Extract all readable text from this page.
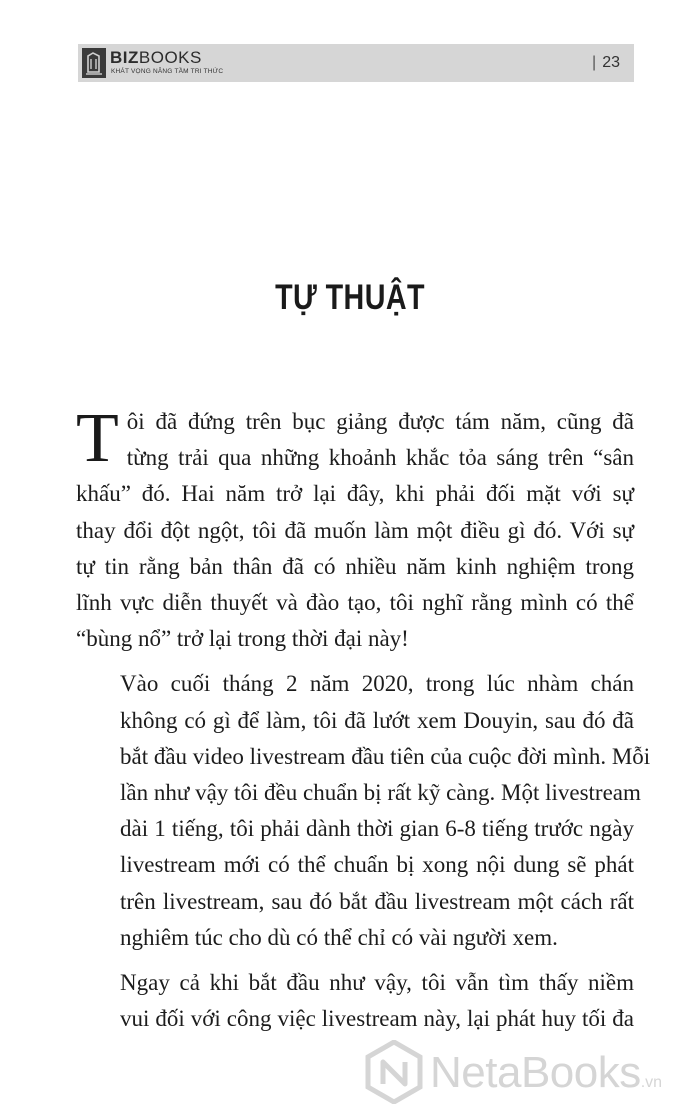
BIZBOOKS
KHÁT VỌNG NÂNG TẦM TRI THỨC
| 23
TỰ THUẬT

T ôi đã đứng trên bục giảng được tám năm, cũng đã
từng trải qua những khoảnh khắc tỏa sáng trên “sân
khấu” đó. Hai năm trở lại đây, khi phải đối mặt với sự
thay đổi đột ngột, tôi đã muốn làm một điều gì đó. Với sự
tự tin rằng bản thân đã có nhiều năm kinh nghiệm trong
lĩnh vực diễn thuyết và đào tạo, tôi nghĩ rằng mình có thể
“bùng nổ” trở lại trong thời đại này!

Vào cuối tháng 2 năm 2020, trong lúc nhàm chán
không có gì để làm, tôi đã lướt xem Douyin, sau đó đã
bắt đầu video livestream đầu tiên của cuộc đời mình. Mỗi
lần như vậy tôi đều chuẩn bị rất kỹ càng. Một livestream
dài 1 tiếng, tôi phải dành thời gian 6-8 tiếng trước ngày
livestream mới có thể chuẩn bị xong nội dung sẽ phát
trên livestream, sau đó bắt đầu livestream một cách rất
nghiêm túc cho dù có thể chỉ có vài người xem.

Ngay cả khi bắt đầu như vậy, tôi vẫn tìm thấy niềm
vui đối với công việc livestream này, lại phát huy tối đa

NetaBooks.vn
